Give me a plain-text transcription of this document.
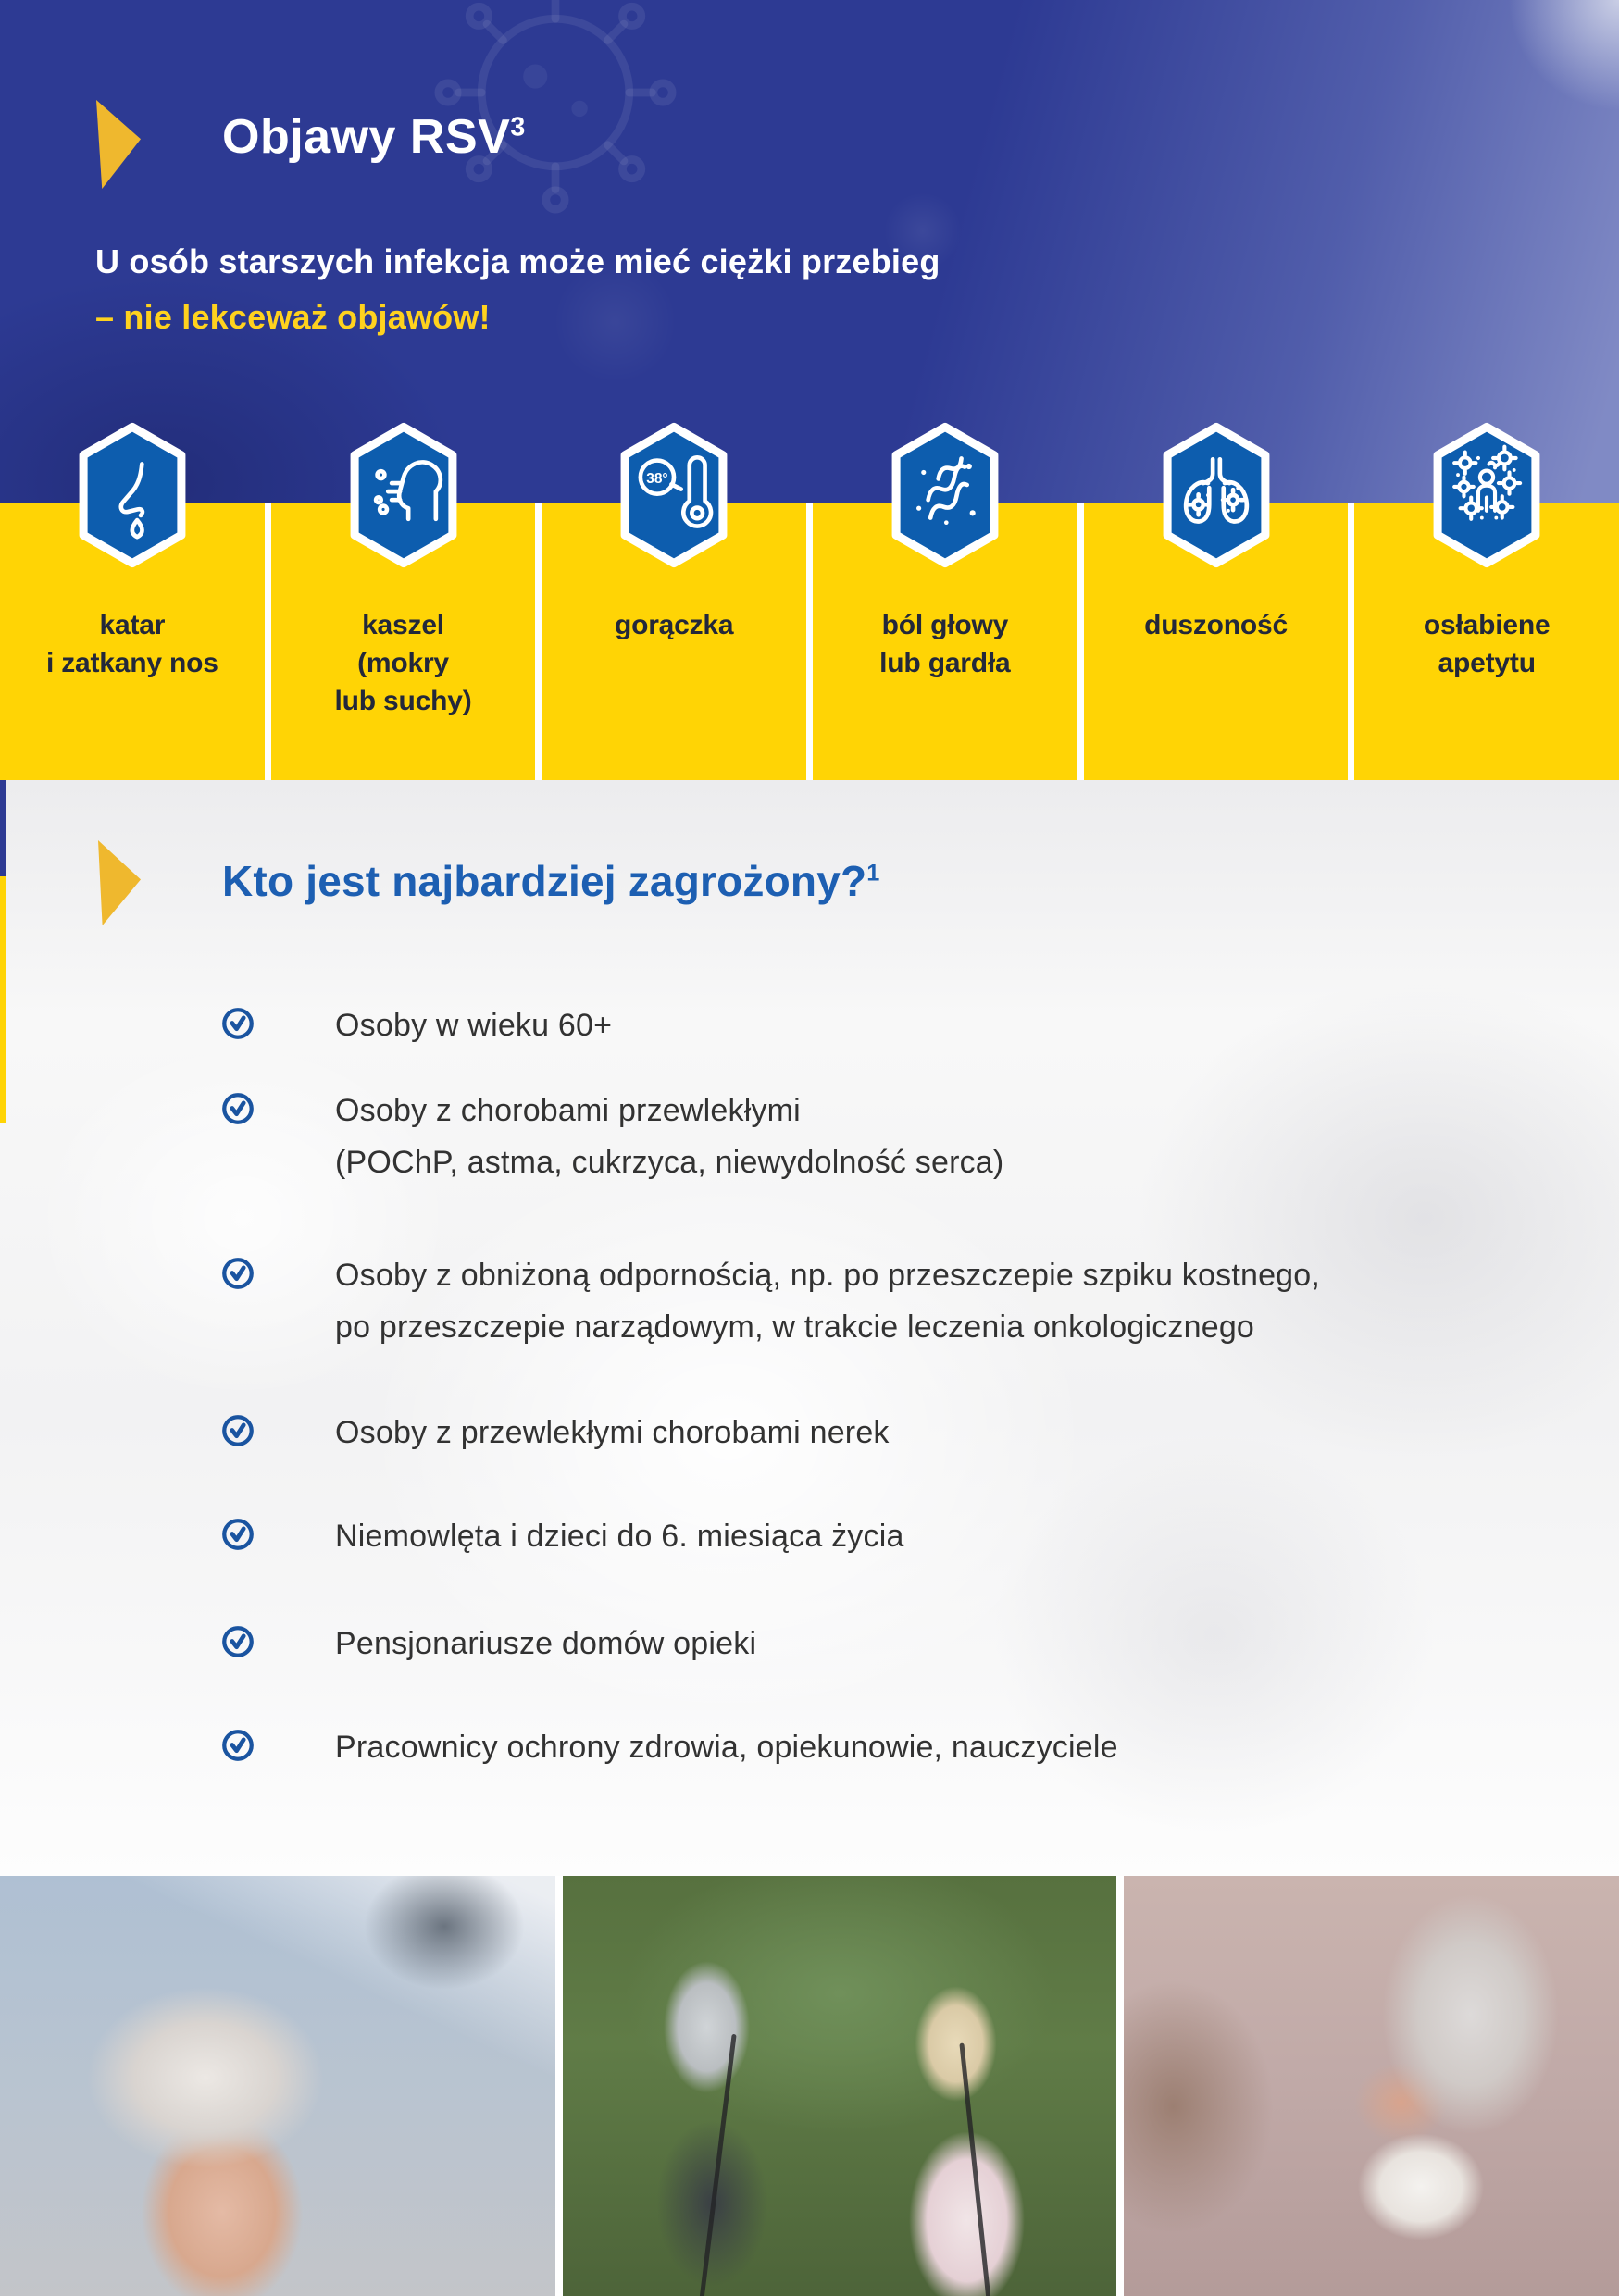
Objawy RSV$^3$

U osób starszych infekcja może mieć ciężki przebieg

– nie lekceważ objawów!

katar
i zatkany nos
kaszel
(mokry
lub suchy)
38°
gorączka	ból głowy
lub gardła
duszoność	osłabiene
apetytu
Kto jest najbardziej zagrożony?$^1$

Osoby w wieku 60+

Osoby z chorobami przewlekłymi
(POChP, astma, cukrzyca, niewydolność serca)

Osoby z obniżoną odpornością, np. po przeszczepie szpiku kostnego,
po przeszczepie narządowym, w trakcie leczenia onkologicznego

Osoby z przewlekłymi chorobami nerek

Niemowlęta i dzieci do 6. miesiąca życia

Pensjonariusze domów opieki

Pracownicy ochrony zdrowia, opiekunowie, nauczyciele
